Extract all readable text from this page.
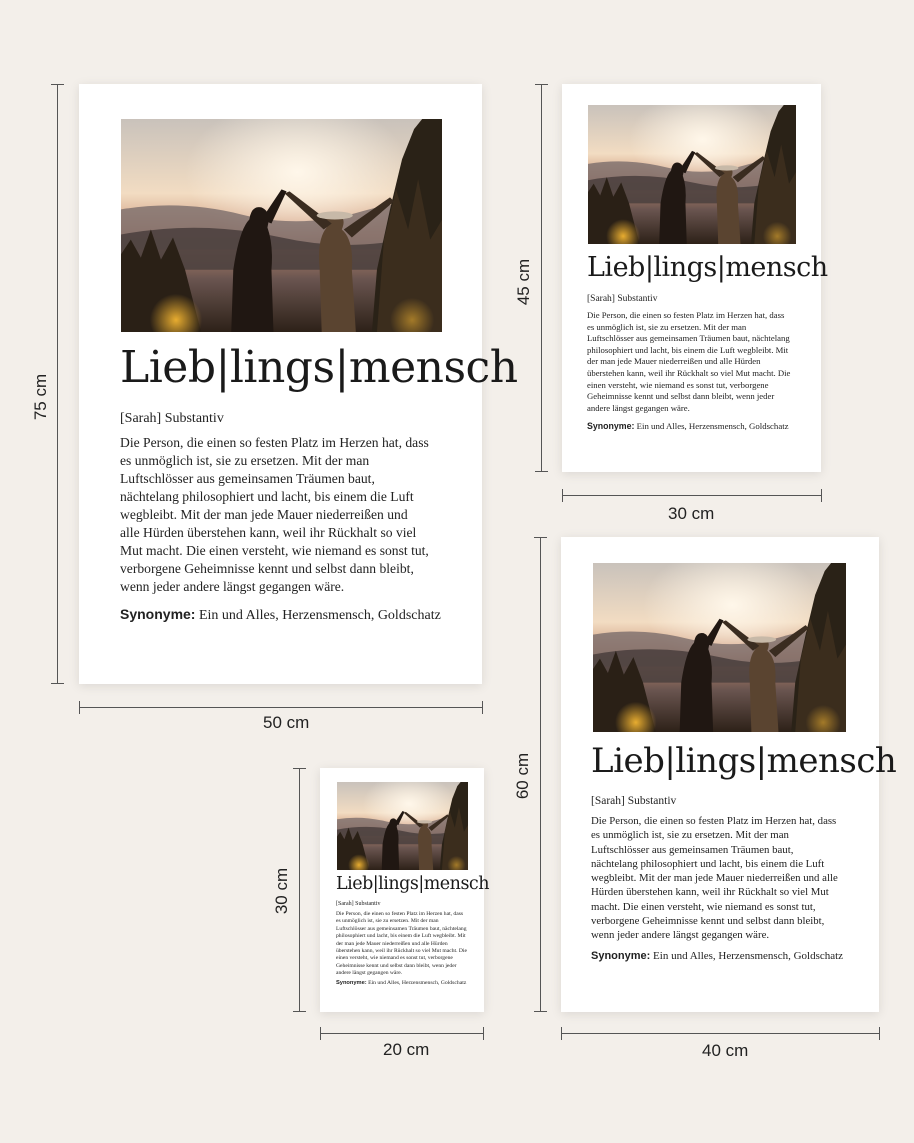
Lieb|lings|mensch
[Sarah] Substantiv

Die Person, die einen so festen Platz im Herzen hat, dass es unmöglich ist, sie zu ersetzen. Mit der man Luftschlösser aus gemeinsamen Träumen baut, nächtelang philosophiert und lacht, bis einem die Luft wegbleibt. Mit der man jede Mauer niederreißen und alle Hürden überstehen kann, weil ihr Rückhalt so viel Mut macht. Die einen versteht, wie niemand es sonst tut, verborgene Geheimnisse kennt und selbst dann bleibt, wenn jeder andere längst gegangen wäre.

Synonyme: Ein und Alles, Herzensmensch, Goldschatz
75 cm
50 cm
Lieb|lings|mensch
[Sarah] Substantiv

Die Person, die einen so festen Platz im Herzen hat, dass es unmöglich ist, sie zu ersetzen. Mit der man Luftschlösser aus gemeinsamen Träumen baut, nächtelang philosophiert und lacht, bis einem die Luft wegbleibt. Mit der man jede Mauer niederreißen und alle Hürden überstehen kann, weil ihr Rückhalt so viel Mut macht. Die einen versteht, wie niemand es sonst tut, verborgene Geheimnisse kennt und selbst dann bleibt, wenn jeder andere längst gegangen wäre.

Synonyme: Ein und Alles, Herzensmensch, Goldschatz
45 cm
30 cm
Lieb|lings|mensch
[Sarah] Substantiv

Die Person, die einen so festen Platz im Herzen hat, dass es unmöglich ist, sie zu ersetzen. Mit der man Luftschlösser aus gemeinsamen Träumen baut, nächtelang philosophiert und lacht, bis einem die Luft wegbleibt. Mit der man jede Mauer niederreißen und alle Hürden überstehen kann, weil ihr Rückhalt so viel Mut macht. Die einen versteht, wie niemand es sonst tut, verborgene Geheimnisse kennt und selbst dann bleibt, wenn jeder andere längst gegangen wäre.

Synonyme: Ein und Alles, Herzensmensch, Goldschatz
60 cm
40 cm
Lieb|lings|mensch
[Sarah] Substantiv

Die Person, die einen so festen Platz im Herzen hat, dass es unmöglich ist, sie zu ersetzen. Mit der man Luftschlösser aus gemeinsamen Träumen baut, nächtelang philosophiert und lacht, bis einem die Luft wegbleibt. Mit der man jede Mauer niederreißen und alle Hürden überstehen kann, weil ihr Rückhalt so viel Mut macht. Die einen versteht, wie niemand es sonst tut, verborgene Geheimnisse kennt und selbst dann bleibt, wenn jeder andere längst gegangen wäre.

Synonyme: Ein und Alles, Herzensmensch, Goldschatz
30 cm
20 cm
